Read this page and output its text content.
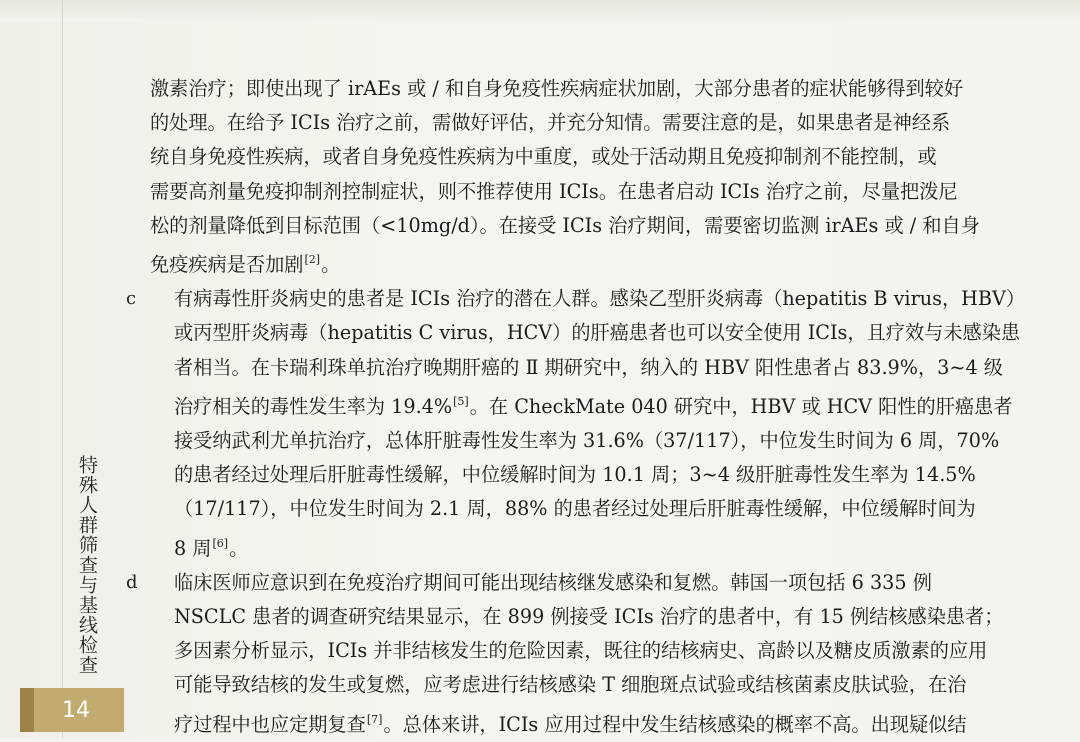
特殊人群筛查与基线检查
14
激素治疗；即使出现了 irAEs 或 / 和自身免疫性疾病症状加剧，大部分患者的症状能够得到较好
的处理。在给予 ICIs 治疗之前，需做好评估，并充分知情。需要注意的是，如果患者是神经系
统自身免疫性疾病，或者自身免疫性疾病为中重度，或处于活动期且免疫抑制剂不能控制，或
需要高剂量免疫抑制剂控制症状，则不推荐使用 ICIs。在患者启动 ICIs 治疗之前，尽量把泼尼
松的剂量降低到目标范围（<10mg/d）。在接受 ICIs 治疗期间，需要密切监测 irAEs 或 / 和自身
免疫疾病是否加剧[2]。
c 有病毒性肝炎病史的患者是 ICIs 治疗的潜在人群。感染乙型肝炎病毒（hepatitis B virus，HBV）
或丙型肝炎病毒（hepatitis C virus，HCV）的肝癌患者也可以安全使用 ICIs，且疗效与未感染患
者相当。在卡瑞利珠单抗治疗晚期肝癌的 Ⅱ 期研究中，纳入的 HBV 阳性患者占 83.9%，3~4 级
治疗相关的毒性发生率为 19.4%[5]。在 CheckMate 040 研究中，HBV 或 HCV 阳性的肝癌患者
接受纳武利尤单抗治疗，总体肝脏毒性发生率为 31.6%（37/117），中位发生时间为 6 周，70%
的患者经过处理后肝脏毒性缓解，中位缓解时间为 10.1 周；3~4 级肝脏毒性发生率为 14.5%
（17/117），中位发生时间为 2.1 周，88% 的患者经过处理后肝脏毒性缓解，中位缓解时间为
8 周[6]。
d 临床医师应意识到在免疫治疗期间可能出现结核继发感染和复燃。韩国一项包括 6 335 例
NSCLC 患者的调查研究结果显示，在 899 例接受 ICIs 治疗的患者中，有 15 例结核感染患者；
多因素分析显示，ICIs 并非结核发生的危险因素，既往的结核病史、高龄以及糖皮质激素的应用
可能导致结核的发生或复燃，应考虑进行结核感染 T 细胞斑点试验或结核菌素皮肤试验，在治
疗过程中也应定期复查[7]。总体来讲，ICIs 应用过程中发生结核感染的概率不高。出现疑似结
